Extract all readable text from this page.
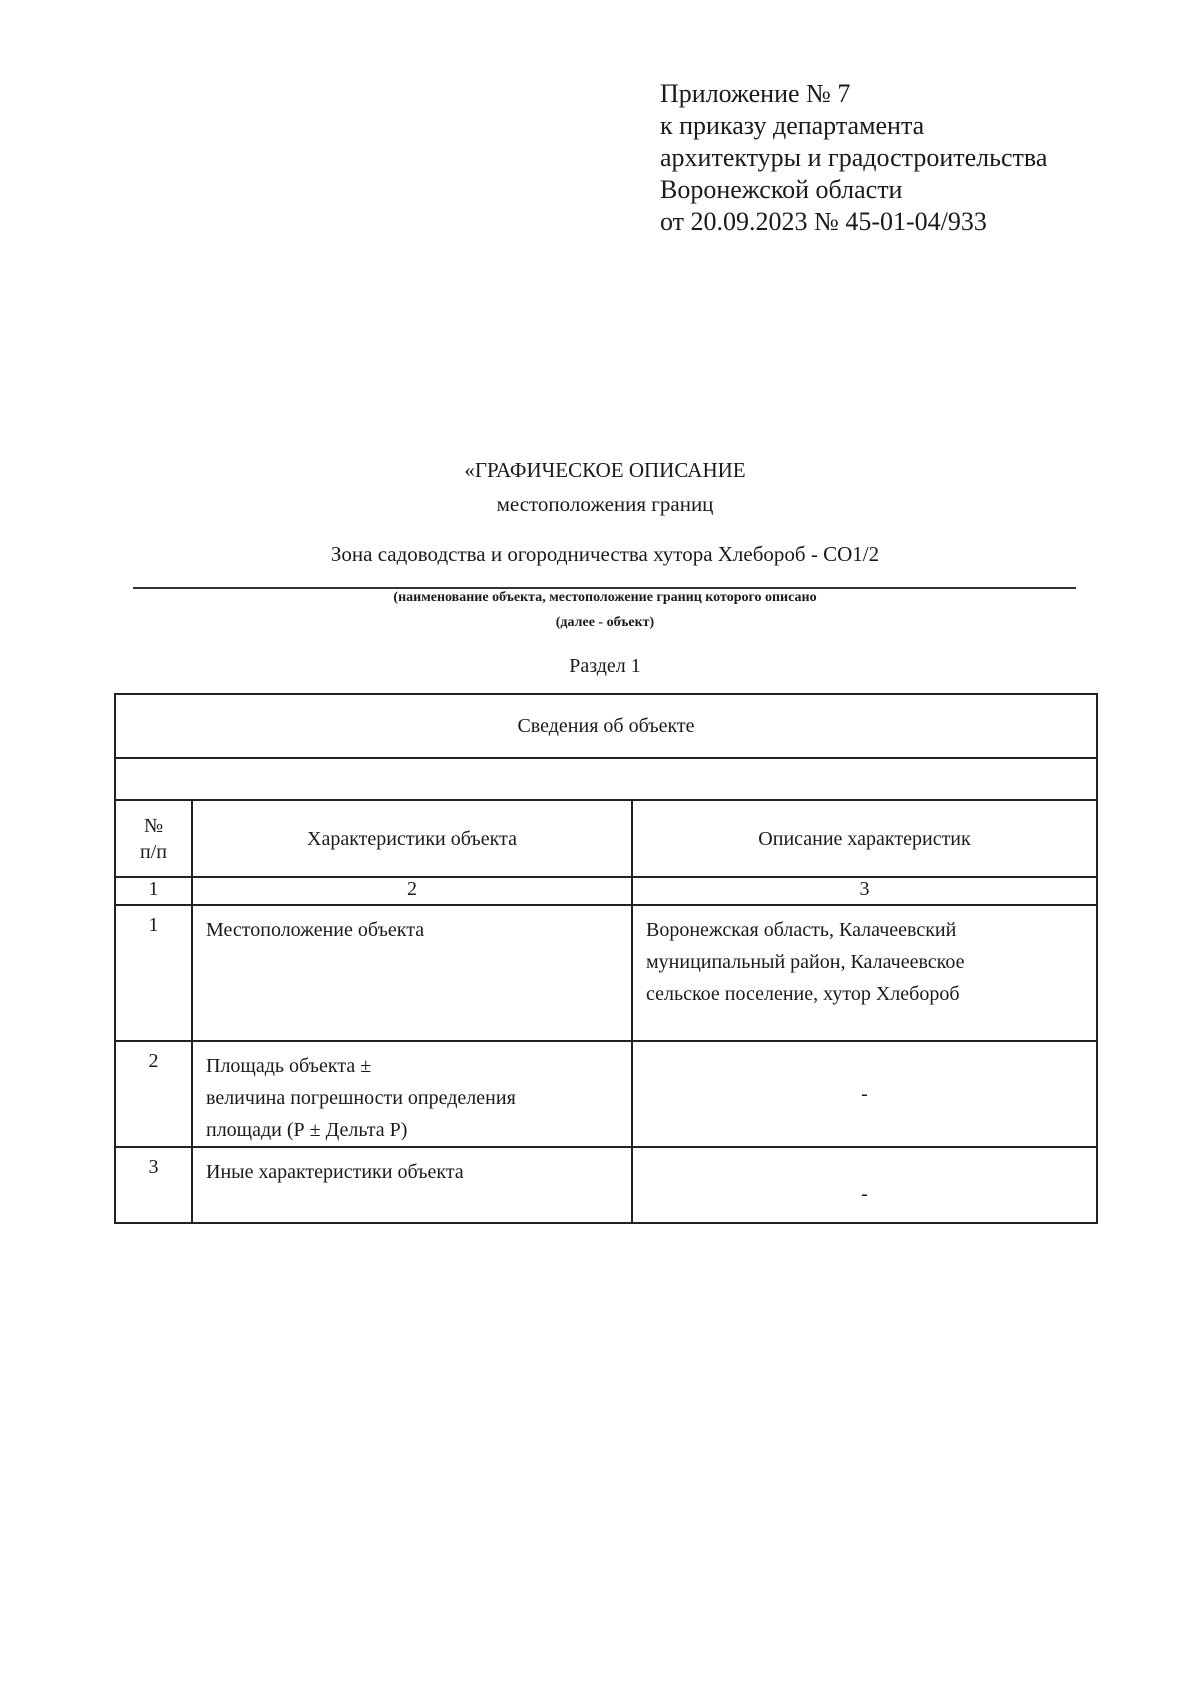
Приложение № 7
к приказу департамента
архитектуры и градостроительства
Воронежской области
от 20.09.2023 № 45-01-04/933
«ГРАФИЧЕСКОЕ ОПИСАНИЕ
местоположения границ
Зона садоводства и огородничества хутора Хлебороб - СО1/2
(наименование объекта, местоположение границ которого описано
(далее - объект)
Раздел 1
Сведения об объекте		

№
п/п	Характеристики объекта	Описание характеристик
1	2	3
1	Местоположение объекта	Воронежская область, Калачеевский
муниципальный район, Калачеевское
сельское поселение, хутор Хлебороб

2	Площадь объекта ±
величина погрешности определения
площади (Р ± Дельта Р)	-
3	Иные характеристики объекта	-
